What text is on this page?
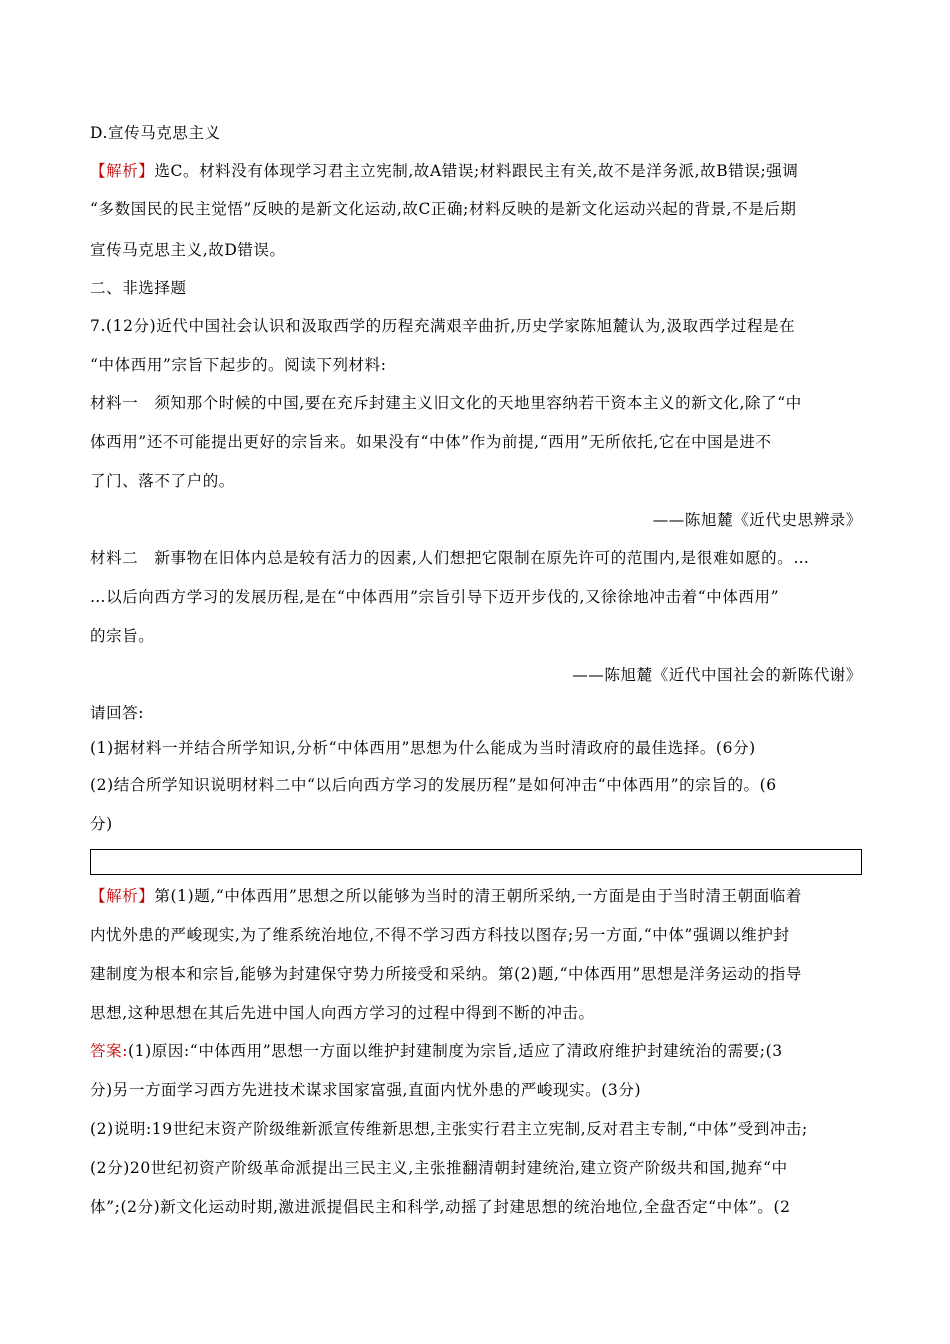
D.宣传马克思主义
【解析】选C。材料没有体现学习君主立宪制,故A错误;材料跟民主有关,故不是洋务派,故B错误;强调
“多数国民的民主觉悟”反映的是新文化运动,故C正确;材料反映的是新文化运动兴起的背景,不是后期
宣传马克思主义,故D错误。
二、非选择题
7.(12分)近代中国社会认识和汲取西学的历程充满艰辛曲折,历史学家陈旭麓认为,汲取西学过程是在
“中体西用”宗旨下起步的。阅读下列材料:
材料一　须知那个时候的中国,要在充斥封建主义旧文化的天地里容纳若干资本主义的新文化,除了“中
体西用”还不可能提出更好的宗旨来。如果没有“中体”作为前提,“西用”无所依托,它在中国是进不
了门、落不了户的。
——陈旭麓《近代史思辨录》
材料二　新事物在旧体内总是较有活力的因素,人们想把它限制在原先许可的范围内,是很难如愿的。…
…以后向西方学习的发展历程,是在“中体西用”宗旨引导下迈开步伐的,又徐徐地冲击着“中体西用”
的宗旨。
——陈旭麓《近代中国社会的新陈代谢》
请回答:
(1)据材料一并结合所学知识,分析“中体西用”思想为什么能成为当时清政府的最佳选择。(6分)
(2)结合所学知识说明材料二中“以后向西方学习的发展历程”是如何冲击“中体西用”的宗旨的。(6
分)
【解析】第(1)题,“中体西用”思想之所以能够为当时的清王朝所采纳,一方面是由于当时清王朝面临着
内忧外患的严峻现实,为了维系统治地位,不得不学习西方科技以图存;另一方面,“中体”强调以维护封
建制度为根本和宗旨,能够为封建保守势力所接受和采纳。第(2)题,“中体西用”思想是洋务运动的指导
思想,这种思想在其后先进中国人向西方学习的过程中得到不断的冲击。
答案:(1)原因:“中体西用”思想一方面以维护封建制度为宗旨,适应了清政府维护封建统治的需要;(3
分)另一方面学习西方先进技术谋求国家富强,直面内忧外患的严峻现实。(3分)
(2)说明:19世纪末资产阶级维新派宣传维新思想,主张实行君主立宪制,反对君主专制,“中体”受到冲击;
(2分)20世纪初资产阶级革命派提出三民主义,主张推翻清朝封建统治,建立资产阶级共和国,抛弃“中
体”;(2分)新文化运动时期,激进派提倡民主和科学,动摇了封建思想的统治地位,全盘否定“中体”。(2
